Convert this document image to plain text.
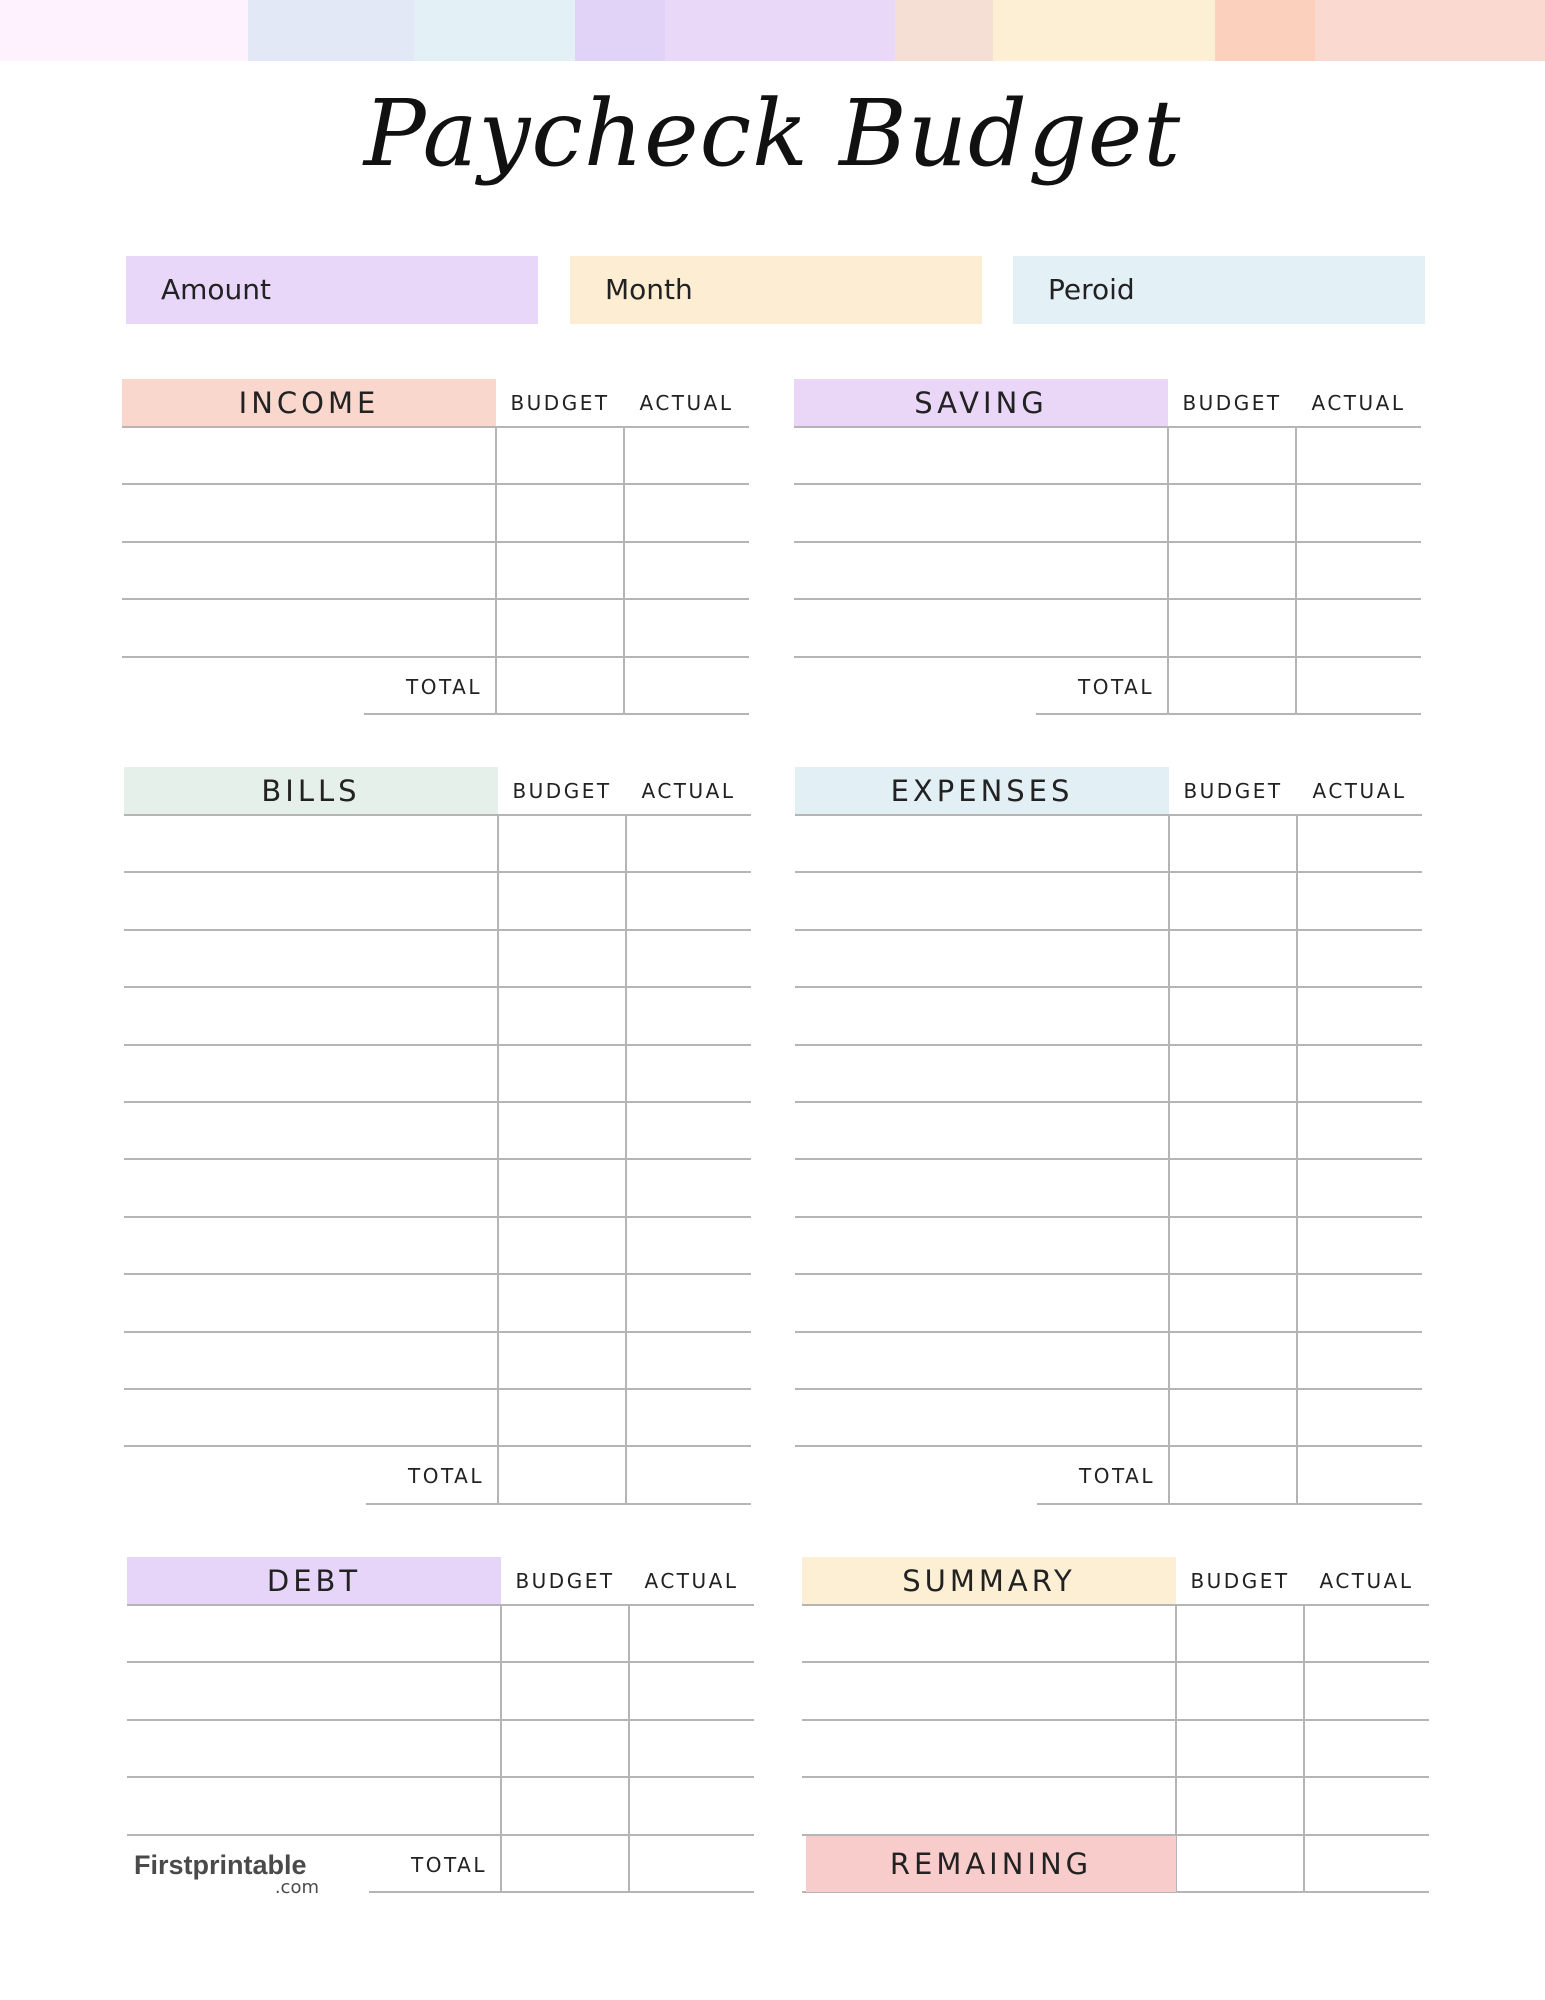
Paycheck Budget
Amount	Month	Peroid
INCOME	BUDGET	ACTUAL
TOTAL
SAVING	BUDGET	ACTUAL
TOTAL
BILLS	BUDGET	ACTUAL
TOTAL
EXPENSES	BUDGET	ACTUAL
TOTAL
DEBT	BUDGET	ACTUAL
TOTAL
SUMMARY	BUDGET	ACTUAL
REMAINING
Firstprintable
.com
